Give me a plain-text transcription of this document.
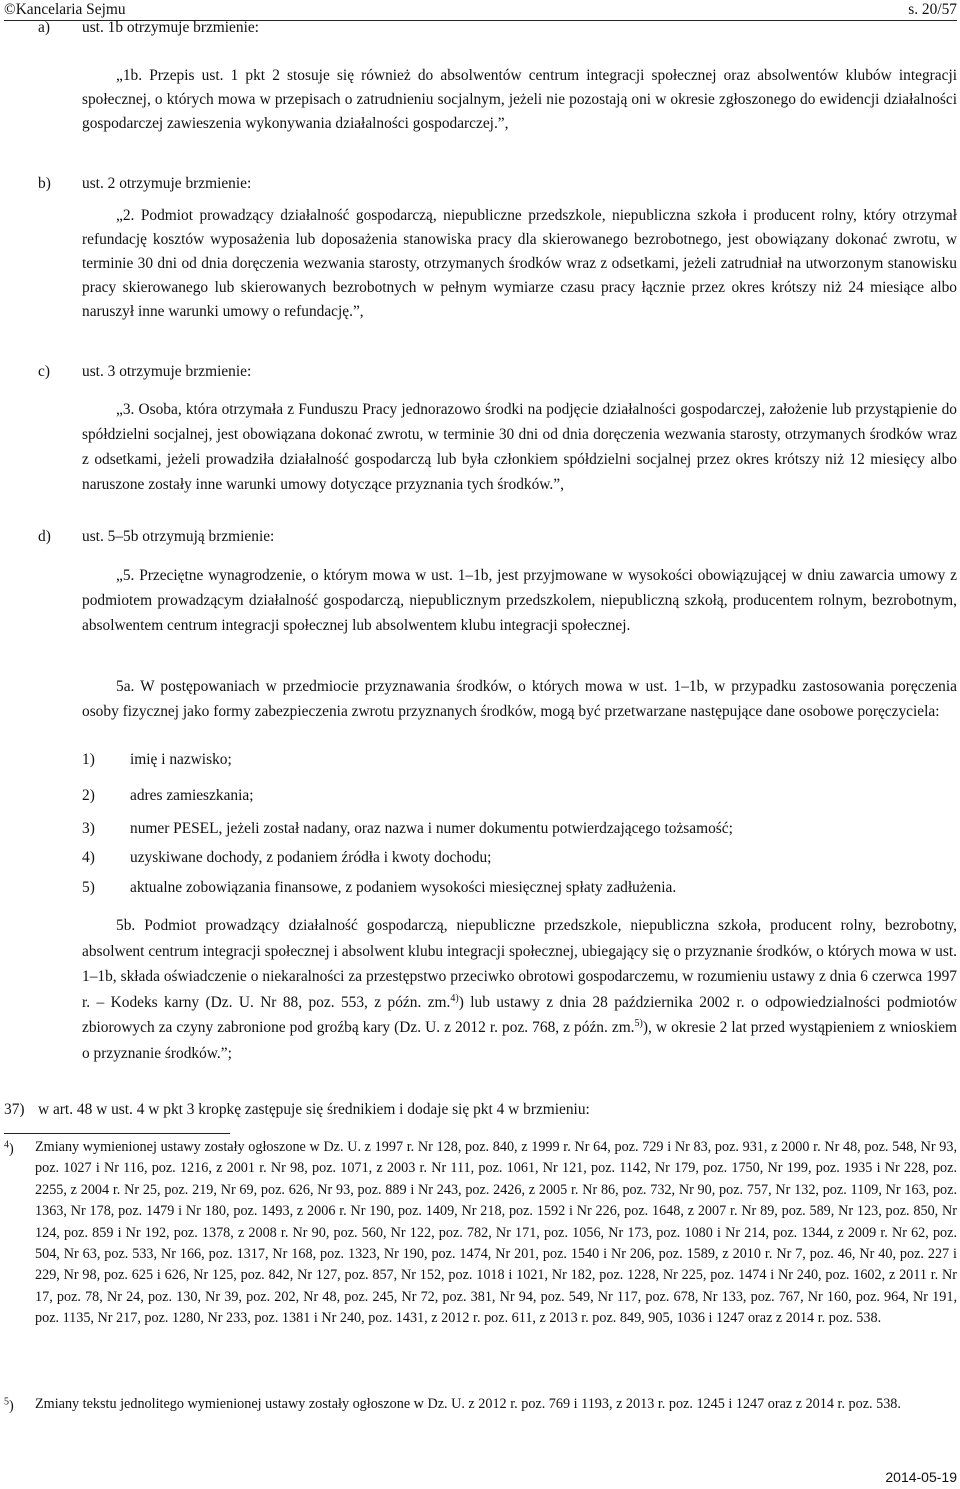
©Kancelaria Sejmu	s. 20/57
a) ust. 1b otrzymuje brzmienie:
„1b. Przepis ust. 1 pkt 2 stosuje się również do absolwentów centrum integracji społecznej oraz absolwentów klubów integracji społecznej, o których mowa w przepisach o zatrudnieniu socjalnym, jeżeli nie pozostają oni w okresie zgłoszonego do ewidencji działalności gospodarczej zawieszenia wykonywania działalności gospodarczej.”,
b) ust. 2 otrzymuje brzmienie:
„2. Podmiot prowadzący działalność gospodarczą, niepubliczne przedszkole, niepubliczna szkoła i producent rolny, który otrzymał refundację kosztów wyposażenia lub doposażenia stanowiska pracy dla skierowanego bezrobotnego, jest obowiązany dokonać zwrotu, w terminie 30 dni od dnia doręczenia wezwania starosty, otrzymanych środków wraz z odsetkami, jeżeli zatrudniał na utworzonym stanowisku pracy skierowanego lub skierowanych bezrobotnych w pełnym wymiarze czasu pracy łącznie przez okres krótszy niż 24 miesiące albo naruszył inne warunki umowy o refundację.”,
c) ust. 3 otrzymuje brzmienie:
„3. Osoba, która otrzymała z Funduszu Pracy jednorazowo środki na podjęcie działalności gospodarczej, założenie lub przystąpienie do spółdzielni socjalnej, jest obowiązana dokonać zwrotu, w terminie 30 dni od dnia doręczenia wezwania starosty, otrzymanych środków wraz z odsetkami, jeżeli prowadziła działalność gospodarczą lub była członkiem spółdzielni socjalnej przez okres krótszy niż 12 miesięcy albo naruszone zostały inne warunki umowy dotyczące przyznania tych środków.”,
d) ust. 5–5b otrzymują brzmienie:
„5. Przeciętne wynagrodzenie, o którym mowa w ust. 1–1b, jest przyjmowane w wysokości obowiązującej w dniu zawarcia umowy z podmiotem prowadzącym działalność gospodarczą, niepublicznym przedszkolem, niepubliczną szkołą, producentem rolnym, bezrobotnym, absolwentem centrum integracji społecznej lub absolwentem klubu integracji społecznej.
5a. W postępowaniach w przedmiocie przyznawania środków, o których mowa w ust. 1–1b, w przypadku zastosowania poręczenia osoby fizycznej jako formy zabezpieczenia zwrotu przyznanych środków, mogą być przetwarzane następujące dane osobowe poręczyciela:
1) imię i nazwisko;
2) adres zamieszkania;
3) numer PESEL, jeżeli został nadany, oraz nazwa i numer dokumentu potwierdzającego tożsamość;
4) uzyskiwane dochody, z podaniem źródła i kwoty dochodu;
5) aktualne zobowiązania finansowe, z podaniem wysokości miesięcznej spłaty zadłużenia.
5b. Podmiot prowadzący działalność gospodarczą, niepubliczne przedszkole, niepubliczna szkoła, producent rolny, bezrobotny, absolwent centrum integracji społecznej i absolwent klubu integracji społecznej, ubiegający się o przyznanie środków, o których mowa w ust. 1–1b, składa oświadczenie o niekaralności za przestępstwo przeciwko obrotowi gospodarczemu, w rozumieniu ustawy z dnia 6 czerwca 1997 r. – Kodeks karny (Dz. U. Nr 88, poz. 553, z późn. zm.$^{4)}$) lub ustawy z dnia 28 października 2002 r. o odpowiedzialności podmiotów zbiorowych za czyny zabronione pod groźbą kary (Dz. U. z 2012 r. poz. 768, z późn. zm.$^{5)}$), w okresie 2 lat przed wystąpieniem z wnioskiem o przyznanie środków.”;
37) w art. 48 w ust. 4 w pkt 3 kropkę zastępuje się średnikiem i dodaje się pkt 4 w brzmieniu:
$^4$) Zmiany wymienionej ustawy zostały ogłoszone w Dz. U. z 1997 r. Nr 128, poz. 840, z 1999 r. Nr 64, poz. 729 i Nr 83, poz. 931, z 2000 r. Nr 48, poz. 548, Nr 93, poz. 1027 i Nr 116, poz. 1216, z 2001 r. Nr 98, poz. 1071, z 2003 r. Nr 111, poz. 1061, Nr 121, poz. 1142, Nr 179, poz. 1750, Nr 199, poz. 1935 i Nr 228, poz. 2255, z 2004 r. Nr 25, poz. 219, Nr 69, poz. 626, Nr 93, poz. 889 i Nr 243, poz. 2426, z 2005 r. Nr 86, poz. 732, Nr 90, poz. 757, Nr 132, poz. 1109, Nr 163, poz. 1363, Nr 178, poz. 1479 i Nr 180, poz. 1493, z 2006 r. Nr 190, poz. 1409, Nr 218, poz. 1592 i Nr 226, poz. 1648, z 2007 r. Nr 89, poz. 589, Nr 123, poz. 850, Nr 124, poz. 859 i Nr 192, poz. 1378, z 2008 r. Nr 90, poz. 560, Nr 122, poz. 782, Nr 171, poz. 1056, Nr 173, poz. 1080 i Nr 214, poz. 1344, z 2009 r. Nr 62, poz. 504, Nr 63, poz. 533, Nr 166, poz. 1317, Nr 168, poz. 1323, Nr 190, poz. 1474, Nr 201, poz. 1540 i Nr 206, poz. 1589, z 2010 r. Nr 7, poz. 46, Nr 40, poz. 227 i 229, Nr 98, poz. 625 i 626, Nr 125, poz. 842, Nr 127, poz. 857, Nr 152, poz. 1018 i 1021, Nr 182, poz. 1228, Nr 225, poz. 1474 i Nr 240, poz. 1602, z 2011 r. Nr 17, poz. 78, Nr 24, poz. 130, Nr 39, poz. 202, Nr 48, poz. 245, Nr 72, poz. 381, Nr 94, poz. 549, Nr 117, poz. 678, Nr 133, poz. 767, Nr 160, poz. 964, Nr 191, poz. 1135, Nr 217, poz. 1280, Nr 233, poz. 1381 i Nr 240, poz. 1431, z 2012 r. poz. 611, z 2013 r. poz. 849, 905, 1036 i 1247 oraz z 2014 r. poz. 538.
$^5$) Zmiany tekstu jednolitego wymienionej ustawy zostały ogłoszone w Dz. U. z 2012 r. poz. 769 i 1193, z 2013 r. poz. 1245 i 1247 oraz z 2014 r. poz. 538.
2014-05-19
